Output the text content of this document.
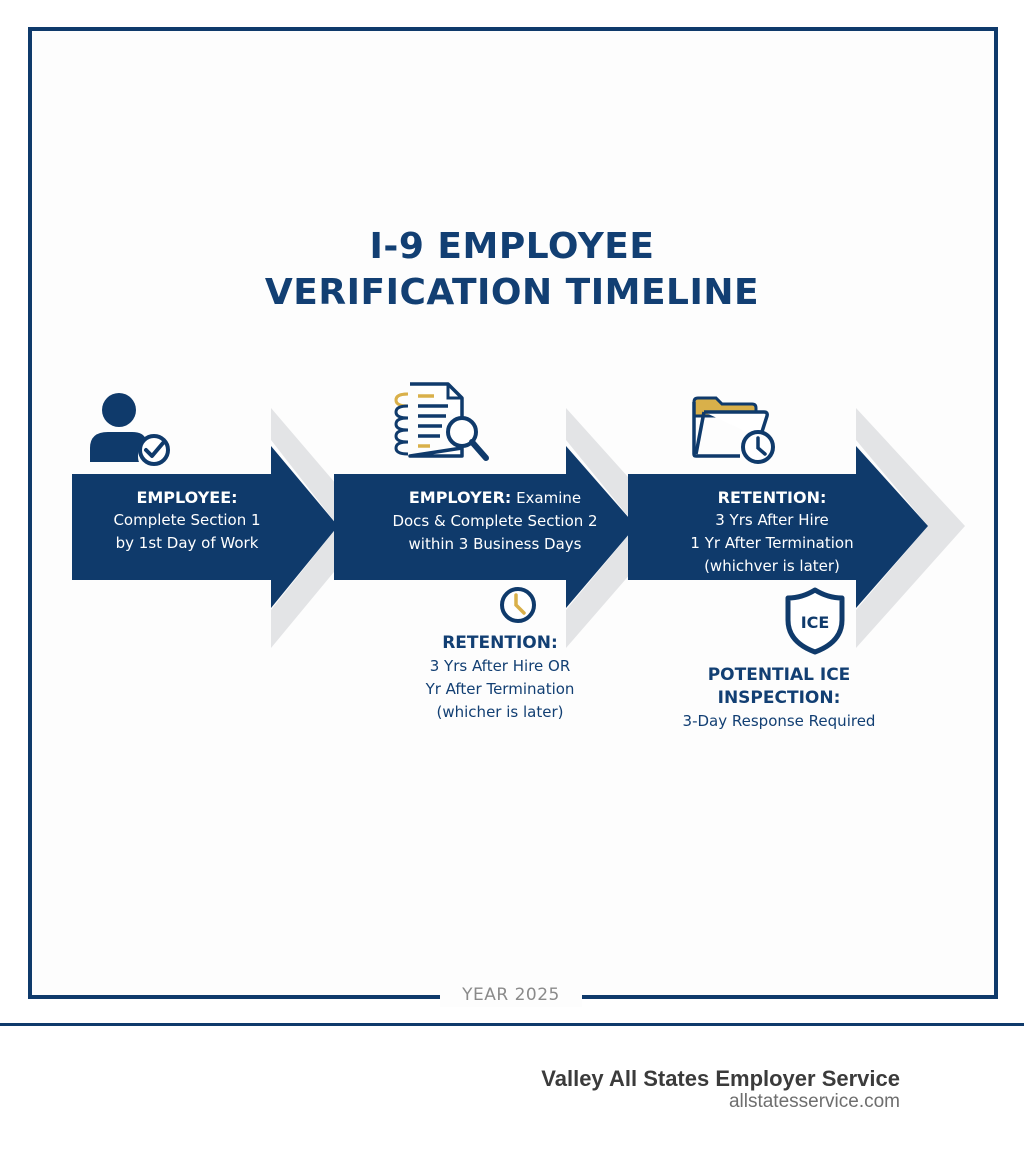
I-9 EMPLOYEE
VERIFICATION TIMELINE
EMPLOYEE:
Complete Section 1
by 1st Day of Work
EMPLOYER: Examine
Docs & Complete Section 2
within 3 Business Days
RETENTION:
3 Yrs After Hire
1 Yr After Termination
(whichver is later)
RETENTION:
3 Yrs After Hire OR
Yr After Termination
(whicher is later)
ICE
POTENTIAL ICE
INSPECTION:
3-Day Response Required
YEAR 2025
Valley All States Employer Service
allstatesservice.com
